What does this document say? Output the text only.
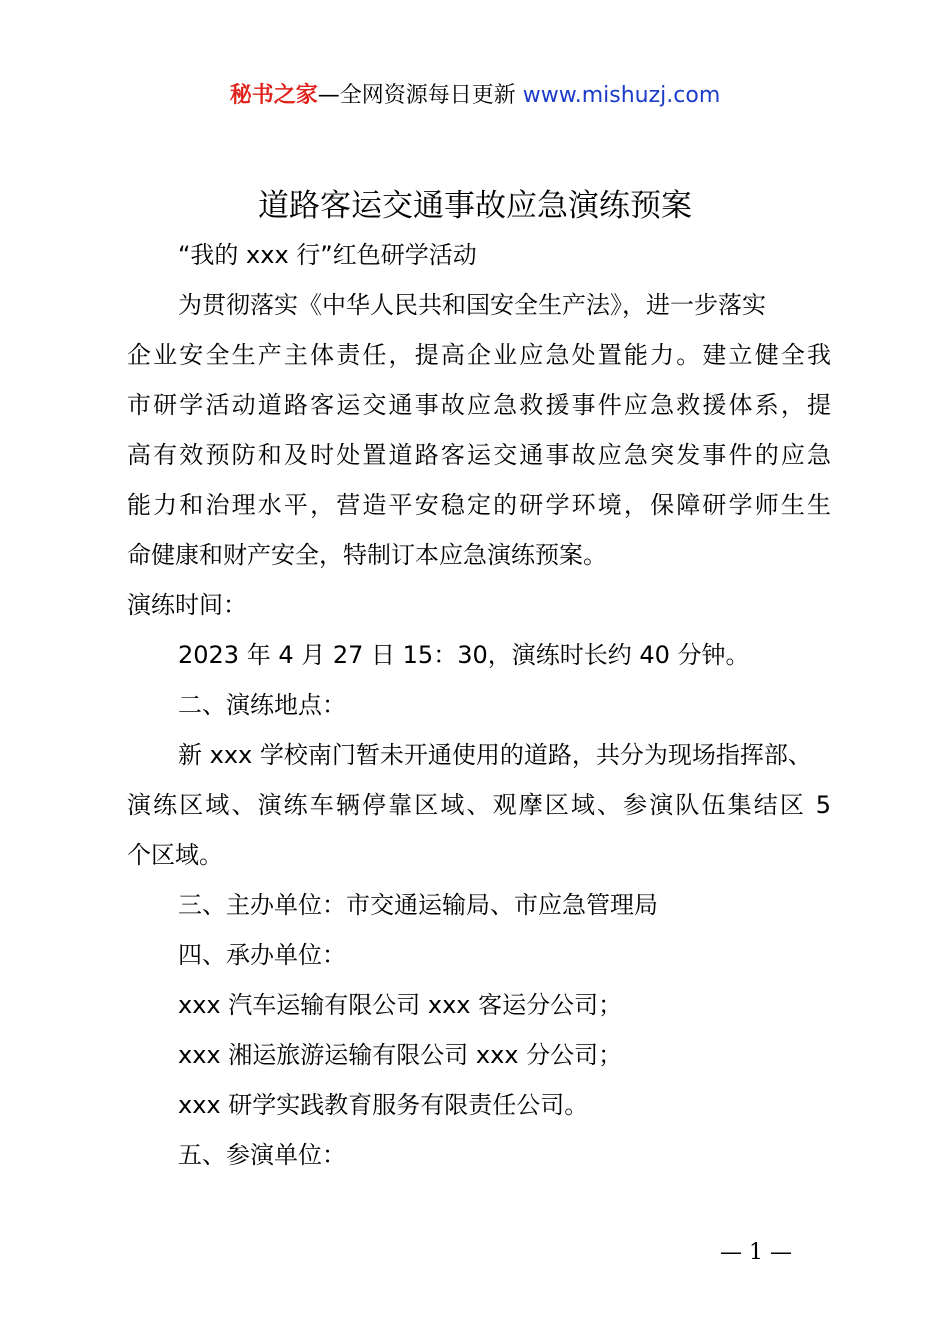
秘书之家—全网资源每日更新 www.mishuzj.com
道路客运交通事故应急演练预案
“我的 xxx 行”红色研学活动
为贯彻落实《中华人民共和国安全生产法》，进一步落实
企业安全生产主体责任，提高企业应急处置能力。建立健全我
市研学活动道路客运交通事故应急救援事件应急救援体系，提
高有效预防和及时处置道路客运交通事故应急突发事件的应急
能力和治理水平，营造平安稳定的研学环境，保障研学师生生
命健康和财产安全，特制订本应急演练预案。
演练时间：
2023 年 4 月 27 日 15：30，演练时长约 40 分钟。
二、演练地点：
新 xxx 学校南门暂未开通使用的道路，共分为现场指挥部、
演练区域、演练车辆停靠区域、观摩区域、参演队伍集结区 5
个区域。
三、主办单位：市交通运输局、市应急管理局
四、承办单位：
xxx 汽车运输有限公司 xxx 客运分公司；
xxx 湘运旅游运输有限公司 xxx 分公司；
xxx 研学实践教育服务有限责任公司。
五、参演单位：
— 1 —
